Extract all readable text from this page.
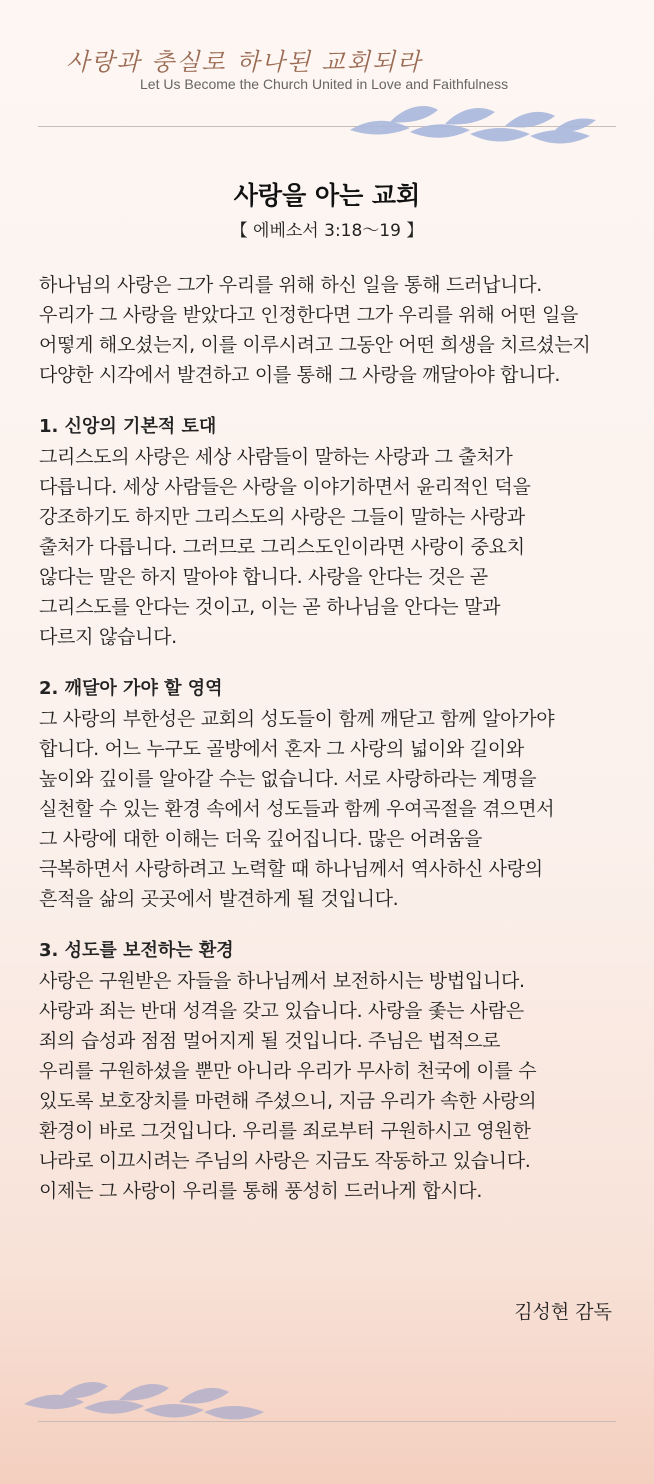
사랑과 충실로 하나된 교회되라
Let Us Become the Church United in Love and Faithfulness
사랑을 아는 교회
【 에베소서 3:18～19 】

하나님의 사랑은 그가 우리를 위해 하신 일을 통해 드러납니다.
우리가 그 사랑을 받았다고 인정한다면 그가 우리를 위해 어떤 일을
어떻게 해오셨는지, 이를 이루시려고 그동안 어떤 희생을 치르셨는지
다양한 시각에서 발견하고 이를 통해 그 사랑을 깨달아야 합니다.

1. 신앙의 기본적 토대

그리스도의 사랑은 세상 사람들이 말하는 사랑과 그 출처가
다릅니다. 세상 사람들은 사랑을 이야기하면서 윤리적인 덕을
강조하기도 하지만 그리스도의 사랑은 그들이 말하는 사랑과
출처가 다릅니다. 그러므로 그리스도인이라면 사랑이 중요치
않다는 말은 하지 말아야 합니다. 사랑을 안다는 것은 곧
그리스도를 안다는 것이고, 이는 곧 하나님을 안다는 말과
다르지 않습니다.

2. 깨달아 가야 할 영역

그 사랑의 부한성은 교회의 성도들이 함께 깨닫고 함께 알아가야
합니다. 어느 누구도 골방에서 혼자 그 사랑의 넓이와 길이와
높이와 깊이를 알아갈 수는 없습니다. 서로 사랑하라는 계명을
실천할 수 있는 환경 속에서 성도들과 함께 우여곡절을 겪으면서
그 사랑에 대한 이해는 더욱 깊어집니다. 많은 어려움을
극복하면서 사랑하려고 노력할 때 하나님께서 역사하신 사랑의
흔적을 삶의 곳곳에서 발견하게 될 것입니다.

3. 성도를 보전하는 환경

사랑은 구원받은 자들을 하나님께서 보전하시는 방법입니다.
사랑과 죄는 반대 성격을 갖고 있습니다. 사랑을 좇는 사람은
죄의 습성과 점점 멀어지게 될 것입니다. 주님은 법적으로
우리를 구원하셨을 뿐만 아니라 우리가 무사히 천국에 이를 수
있도록 보호장치를 마련해 주셨으니, 지금 우리가 속한 사랑의
환경이 바로 그것입니다. 우리를 죄로부터 구원하시고 영원한
나라로 이끄시려는 주님의 사랑은 지금도 작동하고 있습니다.
이제는 그 사랑이 우리를 통해 풍성히 드러나게 합시다.

김성현 감독
